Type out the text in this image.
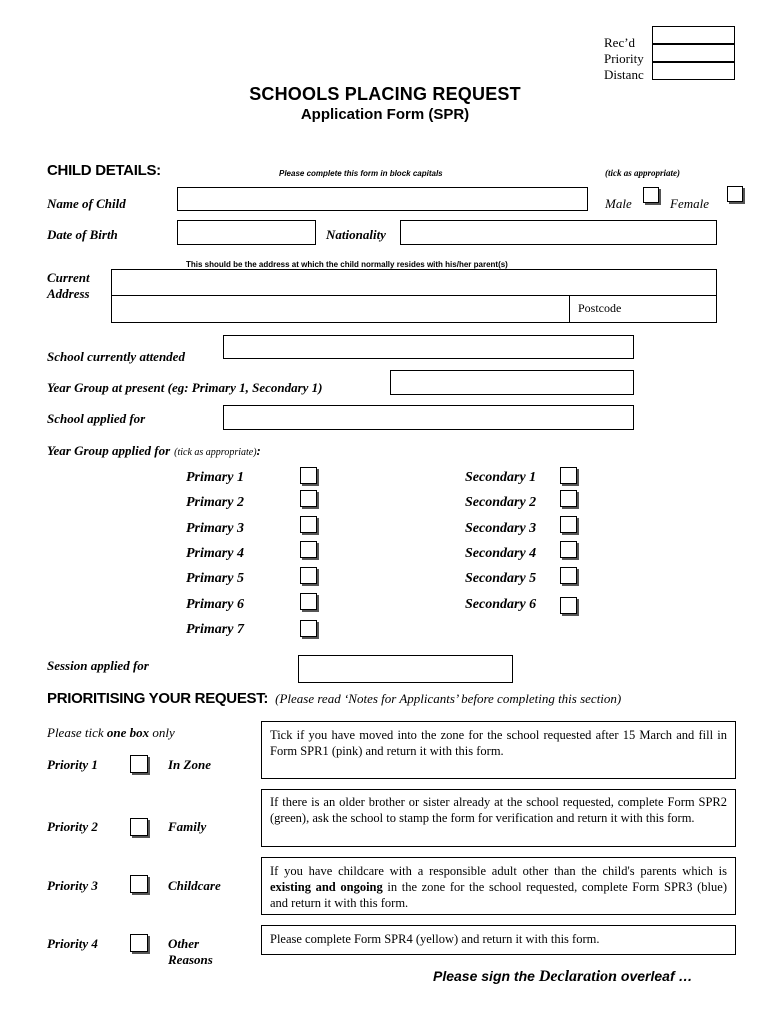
Rec’d
Priority
Distanc
SCHOOLS PLACING REQUEST
Application Form (SPR)
CHILD DETAILS:	Please complete this form in block capitals	(tick as appropriate)
Name of Child	Male	Female
Date of Birth	Nationality
This should be the address at which the child normally resides with his/her parent(s)
Current
Address
Postcode
School currently attended
Year Group at present (eg: Primary 1, Secondary 1)
School applied for
Year Group applied for (tick as appropriate):
Primary 1
Primary 2
Primary 3
Primary 4
Primary 5
Primary 6
Primary 7
Secondary 1
Secondary 2
Secondary 3
Secondary 4
Secondary 5
Secondary 6
Session applied for
PRIORITISING YOUR REQUEST: (Please read ‘Notes for Applicants’ before completing this section)
Please tick one box only
Priority 1	In Zone
Tick if you have moved into the zone for the school requested after 15 March and fill in Form SPR1 (pink) and return it with this form.
Priority 2	Family
If there is an older brother or sister already at the school requested, complete Form SPR2 (green), ask the school to stamp the form for verification and return it with this form.
Priority 3	Childcare
If you have childcare with a responsible adult other than the child's parents which is existing and ongoing in the zone for the school requested, complete Form SPR3 (blue) and return it with this form.
Priority 4	Other
Reasons
Please complete Form SPR4 (yellow) and return it with this form.
Please sign the Declaration overleaf …
